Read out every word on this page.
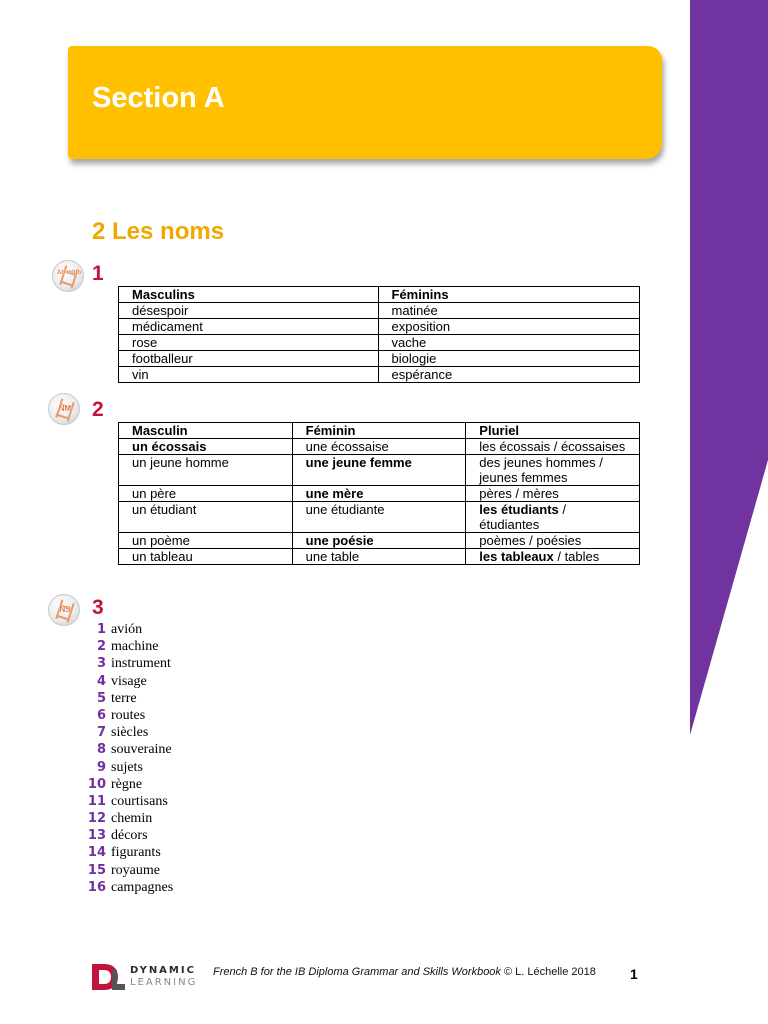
Section A
2 Les noms
Ab initio 1
Masculins	Féminins
désespoir	matinée
médicament	exposition
rose	vache
footballeur	biologie
vin	espérance
NM 2
Masculin	Féminin	Pluriel
un écossais	une écossaise	les écossais / écossaises
un jeune homme	une jeune femme	des jeunes hommes / jeunes femmes
un père	une mère	pères / mères
un étudiant	une étudiante	les étudiants / étudiantes
un poème	une poésie	poèmes / poésies
un tableau	une table	les tableaux / tables
NS	3
1 avión
2 machine
3 instrument
4 visage
5 terre
6 routes
7 siècles
8 souveraine
9 sujets
10 règne
11 courtisans
12 chemin
13 décors
14 figurants
15 royaume
16 campagnes
DYNAMIC
LEARNING
French B for the IB Diploma Grammar and Skills Workbook © L. Léchelle 2018 1
